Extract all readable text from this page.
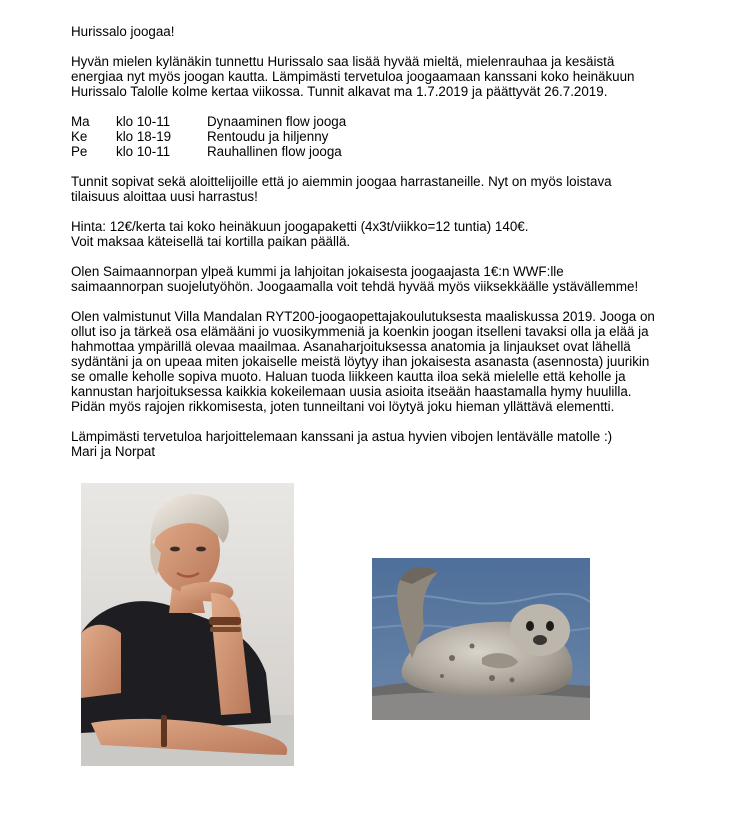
Hurissalo joogaa!

Hyvän mielen kylänäkin tunnettu Hurissalo saa lisää hyvää mieltä, mielenrauhaa ja kesäistä

energiaa nyt myös joogan kautta. Lämpimästi tervetuloa joogaamaan kanssani koko heinäkuun

Hurissalo Talolle kolme kertaa viikossa. Tunnit alkavat ma 1.7.2019 ja päättyvät 26.7.2019.

Ma	klo 10-11	Dynaaminen flow jooga
Ke	klo 18-19	Rentoudu ja hiljenny
Pe	klo 10-11	Rauhallinen flow jooga

Tunnit sopivat sekä aloittelijoille että jo aiemmin joogaa harrastaneille. Nyt on myös loistava

tilaisuus aloittaa uusi harrastus!

Hinta: 12€/kerta tai koko heinäkuun joogapaketti (4x3t/viikko=12 tuntia) 140€.

Voit maksaa käteisellä tai kortilla paikan päällä.

Olen Saimaannorpan ylpeä kummi ja lahjoitan jokaisesta joogaajasta 1€:n WWF:lle

saimaannorpan suojelutyöhön. Joogaamalla voit tehdä hyvää myös viiksekkäälle ystävällemme!

Olen valmistunut Villa Mandalan RYT200-joogaopettajakoulutuksesta maaliskussa 2019. Jooga on

ollut iso ja tärkeä osa elämääni jo vuosikymmeniä ja koenkin joogan itselleni tavaksi olla ja elää ja

hahmottaa ympärillä olevaa maailmaa. Asanaharjoituksessa anatomia ja linjaukset ovat lähellä

sydäntäni ja on upeaa miten jokaiselle meistä löytyy ihan jokaisesta asanasta (asennosta) juurikin

se omalle keholle sopiva muoto. Haluan tuoda liikkeen kautta iloa sekä mielelle että keholle ja

kannustan harjoituksessa kaikkia kokeilemaan uusia asioita itseään haastamalla hymy huulilla.

Pidän myös rajojen rikkomisesta, joten tunneiltani voi löytyä joku hieman yllättävä elementti.

Lämpimästi tervetuloa harjoittelemaan kanssani ja astua hyvien vibojen lentävälle matolle :)

Mari ja Norpat
